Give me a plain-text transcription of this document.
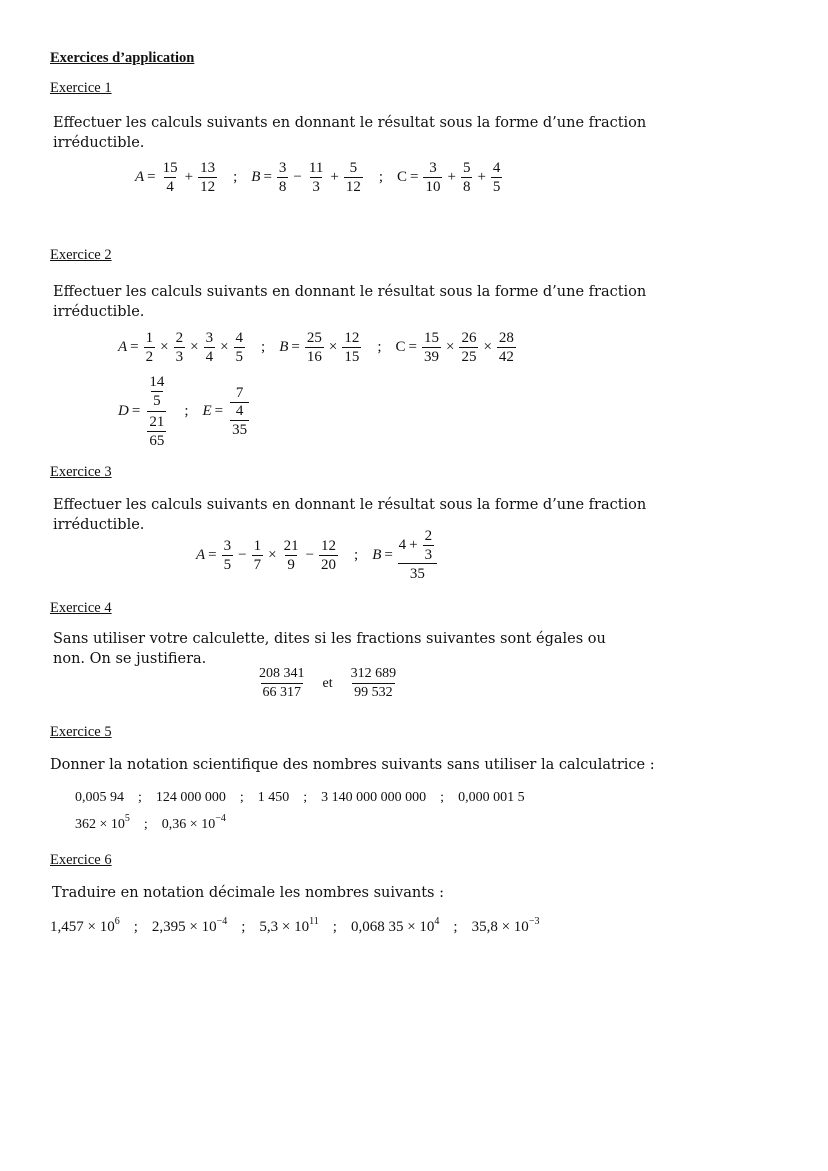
Exercices d’application
Exercice 1
Effectuer les calculs suivants en donnant le résultat sous la forme d’une fraction irréductible.
$A = \frac{15}{4} + \frac{13}{12}$ ; $B = \frac{3}{8} - \frac{11}{3} + \frac{5}{12}$ ; $C = \frac{3}{10} + \frac{5}{8} + \frac{4}{5}$
Exercice 2
Effectuer les calculs suivants en donnant le résultat sous la forme d’une fraction irréductible.
$A = \frac{1}{2} \times \frac{2}{3} \times \frac{3}{4} \times \frac{4}{5}$ ; $B = \frac{25}{16} \times \frac{12}{15}$ ; $C = \frac{15}{39} \times \frac{26}{25} \times \frac{28}{42}$
$D = \frac{\frac{14}{5}}{\frac{21}{65}}$ ; $E = \frac{7}{\frac{4}{35}}$
Exercice 3
Effectuer les calculs suivants en donnant le résultat sous la forme d’une fraction irréductible.
$A = \frac{3}{5} - \frac{1}{7} \times \frac{21}{9} - \frac{12}{20}$ ; $B = \frac{4 + \frac{2}{3}}{35}$
Exercice 4
Sans utiliser votre calculette, dites si les fractions suivantes sont égales ou non. On se justifiera.
$\frac{208 341}{66 317}$ et $\frac{312 689}{99 532}$
Exercice 5
Donner la notation scientifique des nombres suivants sans utiliser la calculatrice :
0,005 94 ; 124 000 000 ; 1 450 ; 3 140 000 000 000 ; 0,000 001 5
$362 \times 10^5$ ; $0,36 \times 10^{-4}$
Exercice 6
Traduire en notation décimale les nombres suivants :
$1,457 \times 10^6$ ; $2,395 \times 10^{-4}$ ; $5,3 \times 10^{11}$ ; 0,068 $35 \times 10^4$ ; $35,8 \times 10^{-3}$
